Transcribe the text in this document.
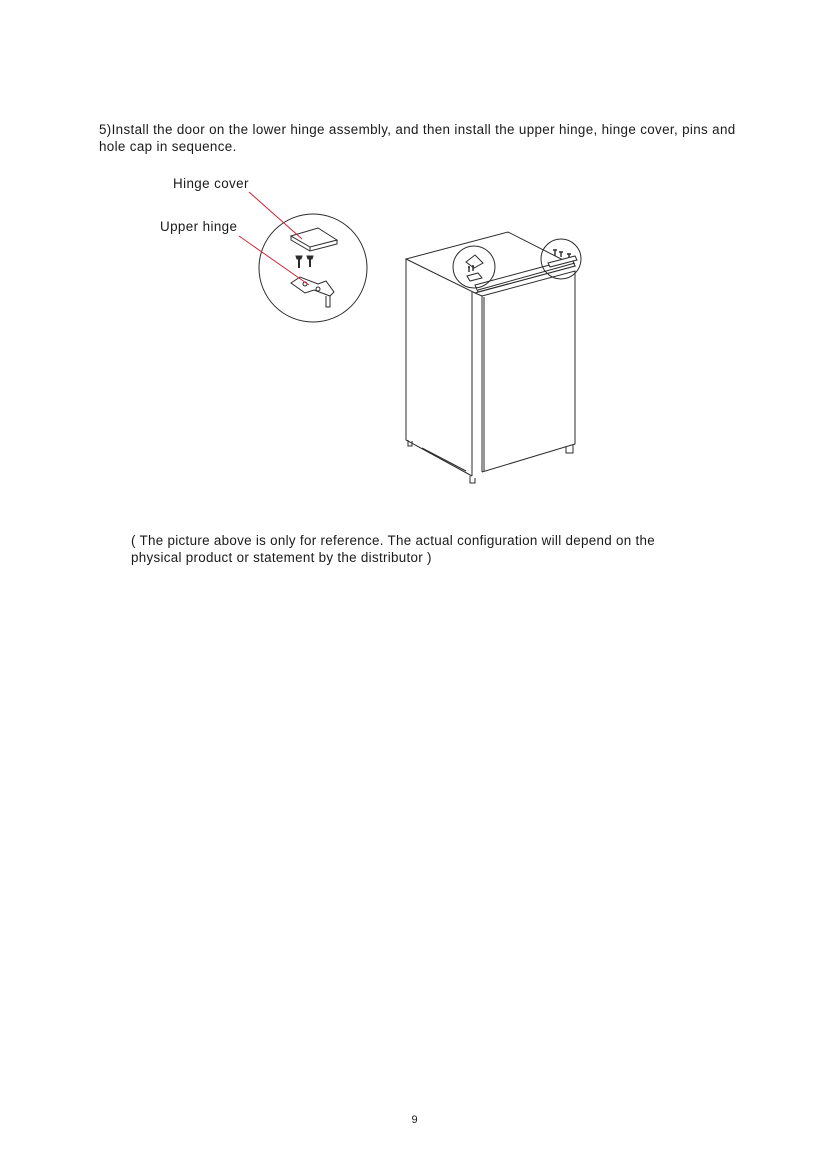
5)Install the door on the lower hinge assembly, and then install the upper hinge, hinge cover, pins and hole cap in sequence.

Hinge cover
Upper hinge

( The picture above is only for reference. The actual configuration will depend on the physical product or statement by the distributor )

9
